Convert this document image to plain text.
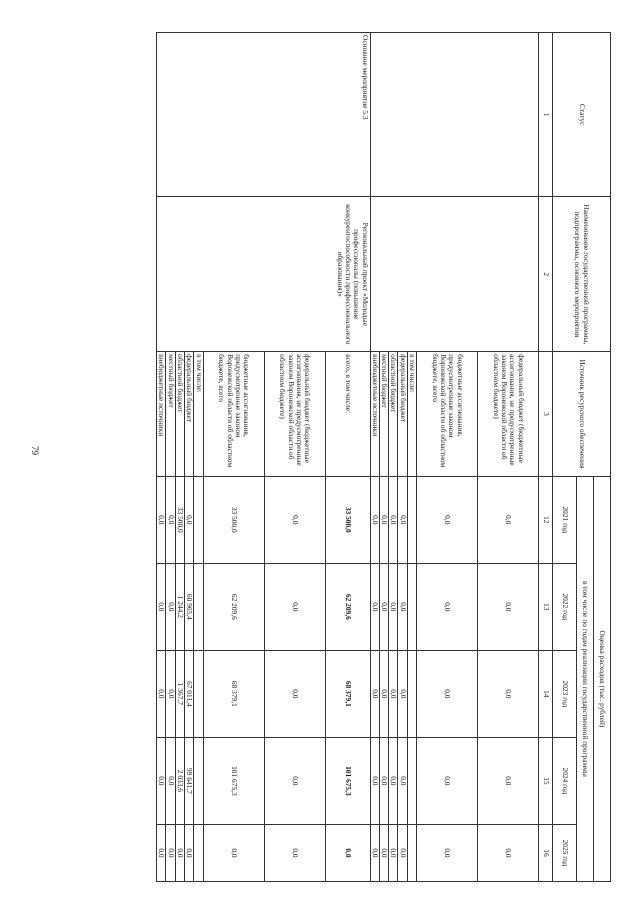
79
Статус	Наименование государственной программы, подпрограммы, основного мероприятия	Источник ресурсного обеспечения	Оценка расходов (тыс. рублей)				
			в том числе по годам реализации государственной программы				
			2021 год	2022 год	2023 год	2024 год	2025 год
1	2	3	12	13	14	15	16
		федеральный бюджет (бюджетные ассигнования, не предусмотренные законом Воронежской области об областном бюджете)	0,0	0,0	0,0	0,0	0,0
		бюджетные ассигнования, предусмотренные законом Воронежской области об областном бюджете, всего	0,0	0,0	0,0	0,0	0,0
		в том числе:					
		федеральный бюджет	0,0	0,0	0,0	0,0	0,0
		областной бюджет	0,0	0,0	0,0	0,0	0,0
		местный бюджет	0,0	0,0	0,0	0,0	0,0
		внебюджетные источники	0,0	0,0	0,0	0,0	0,0
Основное мероприятие 5.3	Региональный проект «Молодые профессионалы (повышение конкурентоспособности профессионального образования)»	всего, в том числе:	33 500,0	62 209,6	68 379,1	101 675,3	0,0
		федеральный бюджет (бюджетные ассигнования, не предусмотренные законом Воронежской области об областном бюджете)	0,0	0,0	0,0	0,0	0,0
		бюджетные ассигнования, предусмотренные законом Воронежской области об областном бюджете, всего	33 500,0	62 209,6	68 379,1	101 675,3	0,0
		в том числе:					
		федеральный бюджет	0,0	60 965,4	67 011,4	99 641,7	0,0
		областной бюджет	33 500,0	1 244,2	1 367,7	2 033,6	0,0
		местный бюджет	0,0	0,0	0,0	0,0	0,0
		внебюджетные источники	0,0	0,0	0,0	0,0	0,0
